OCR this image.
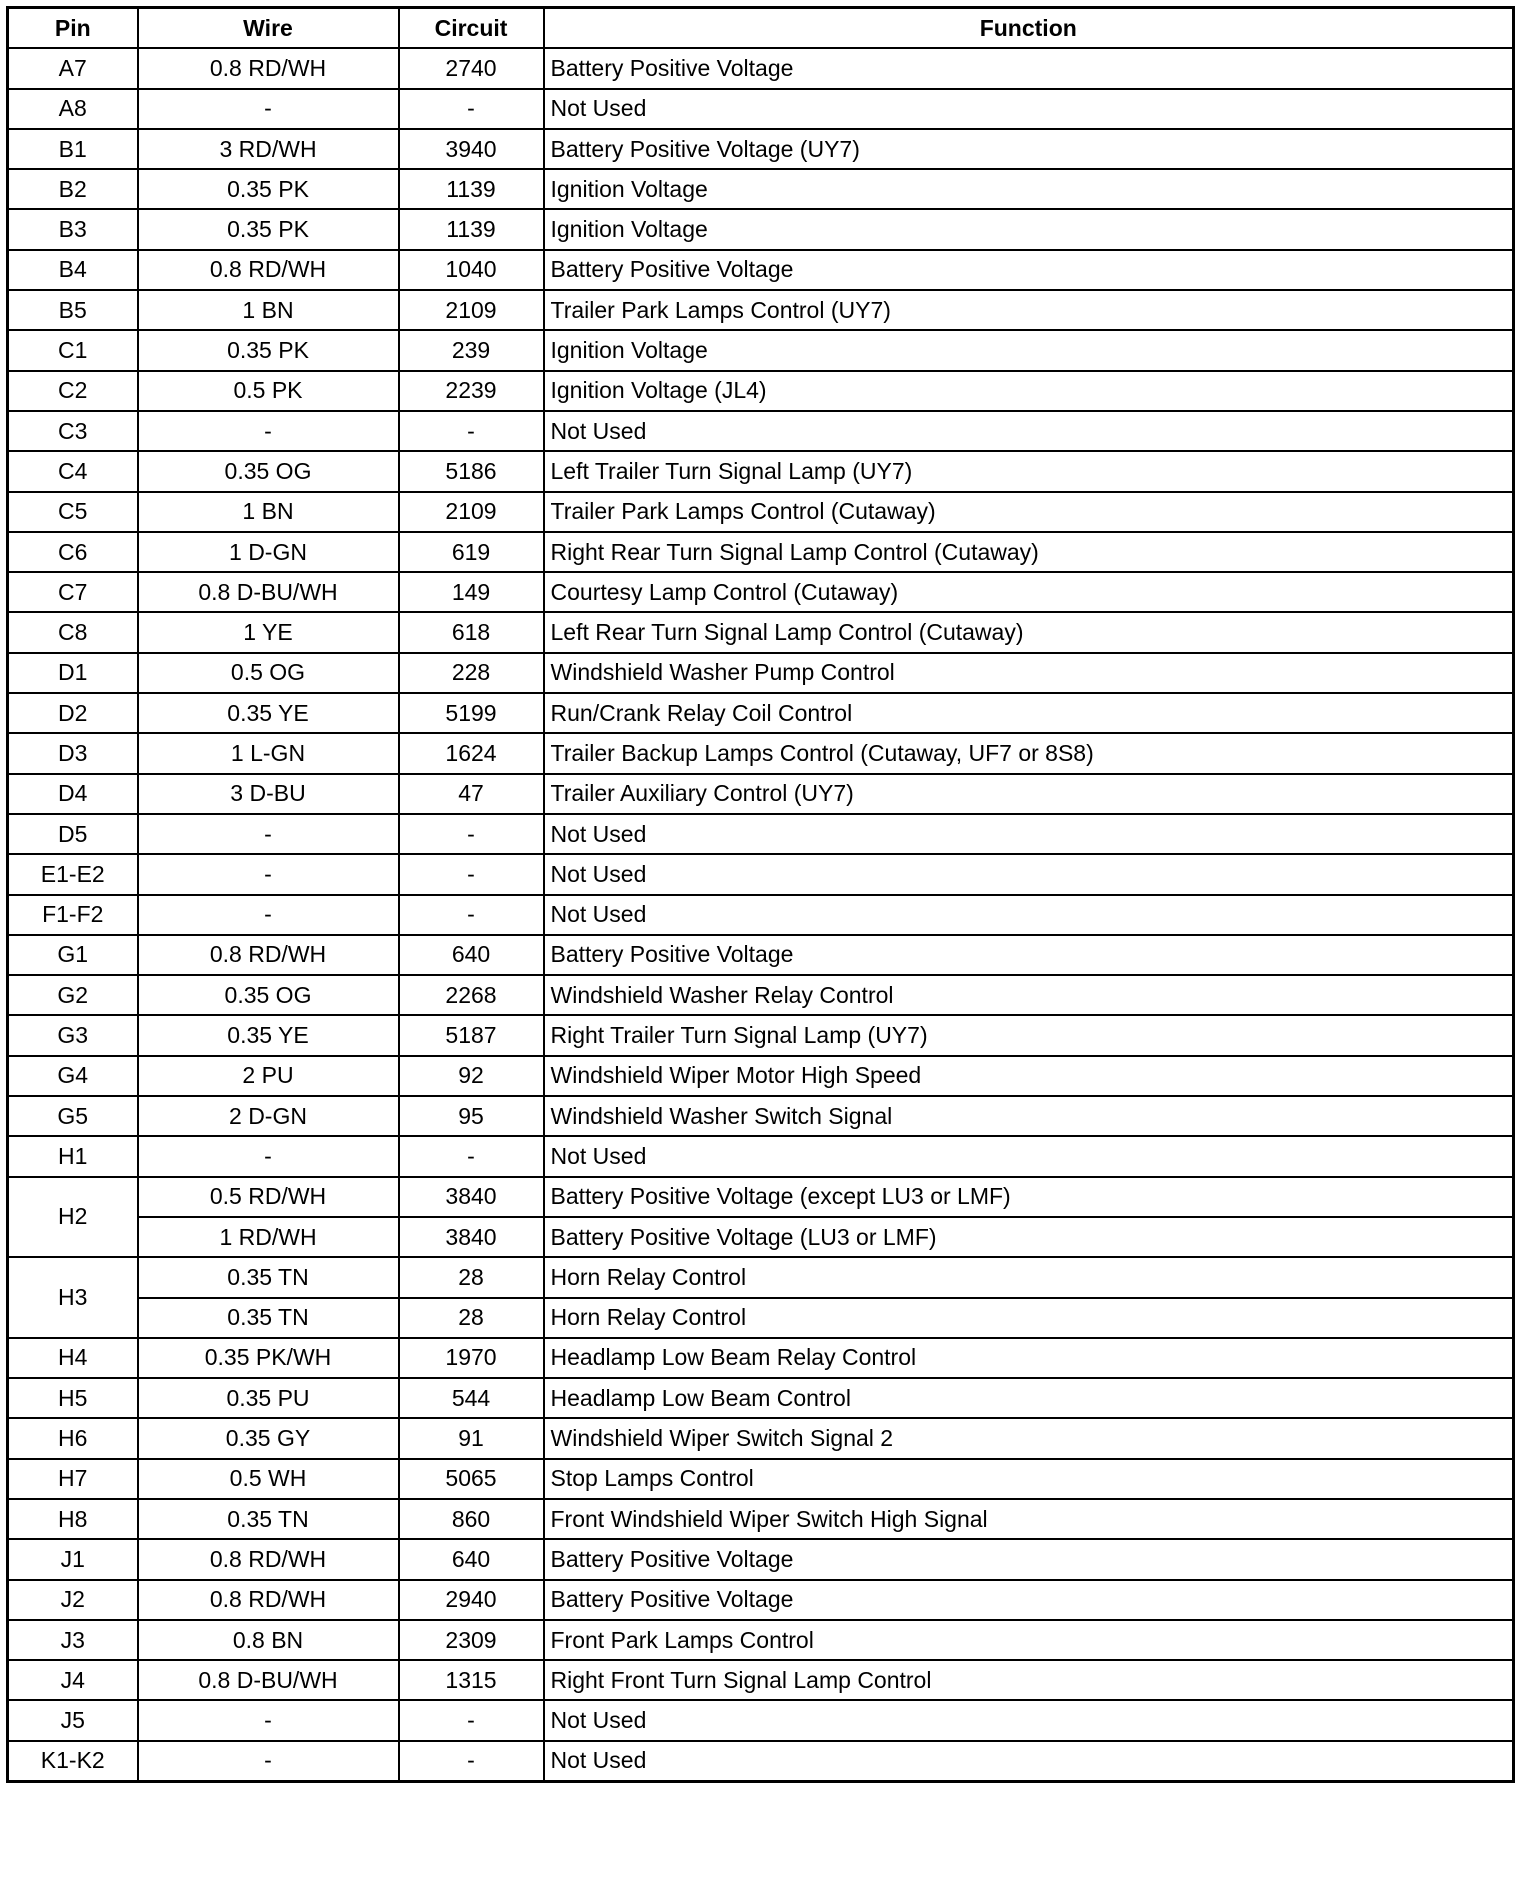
Pin	Wire	Circuit	Function
A7	0.8 RD/WH	2740	Battery Positive Voltage
A8	-	-	Not Used
B1	3 RD/WH	3940	Battery Positive Voltage (UY7)
B2	0.35 PK	1139	Ignition Voltage
B3	0.35 PK	1139	Ignition Voltage
B4	0.8 RD/WH	1040	Battery Positive Voltage
B5	1 BN	2109	Trailer Park Lamps Control (UY7)
C1	0.35 PK	239	Ignition Voltage
C2	0.5 PK	2239	Ignition Voltage (JL4)
C3	-	-	Not Used
C4	0.35 OG	5186	Left Trailer Turn Signal Lamp (UY7)
C5	1 BN	2109	Trailer Park Lamps Control (Cutaway)
C6	1 D-GN	619	Right Rear Turn Signal Lamp Control (Cutaway)
C7	0.8 D-BU/WH	149	Courtesy Lamp Control (Cutaway)
C8	1 YE	618	Left Rear Turn Signal Lamp Control (Cutaway)
D1	0.5 OG	228	Windshield Washer Pump Control
D2	0.35 YE	5199	Run/Crank Relay Coil Control
D3	1 L-GN	1624	Trailer Backup Lamps Control (Cutaway, UF7 or 8S8)
D4	3 D-BU	47	Trailer Auxiliary Control (UY7)
D5	-	-	Not Used
E1-E2	-	-	Not Used
F1-F2	-	-	Not Used
G1	0.8 RD/WH	640	Battery Positive Voltage
G2	0.35 OG	2268	Windshield Washer Relay Control
G3	0.35 YE	5187	Right Trailer Turn Signal Lamp (UY7)
G4	2 PU	92	Windshield Wiper Motor High Speed
G5	2 D-GN	95	Windshield Washer Switch Signal
H1	-	-	Not Used
H2	0.5 RD/WH	3840	Battery Positive Voltage (except LU3 or LMF)
	1 RD/WH	3840	Battery Positive Voltage (LU3 or LMF)
H3	0.35 TN	28	Horn Relay Control
	0.35 TN	28	Horn Relay Control
H4	0.35 PK/WH	1970	Headlamp Low Beam Relay Control
H5	0.35 PU	544	Headlamp Low Beam Control
H6	0.35 GY	91	Windshield Wiper Switch Signal 2
H7	0.5 WH	5065	Stop Lamps Control
H8	0.35 TN	860	Front Windshield Wiper Switch High Signal
J1	0.8 RD/WH	640	Battery Positive Voltage
J2	0.8 RD/WH	2940	Battery Positive Voltage
J3	0.8 BN	2309	Front Park Lamps Control
J4	0.8 D-BU/WH	1315	Right Front Turn Signal Lamp Control
J5	-	-	Not Used
K1-K2	-	-	Not Used
